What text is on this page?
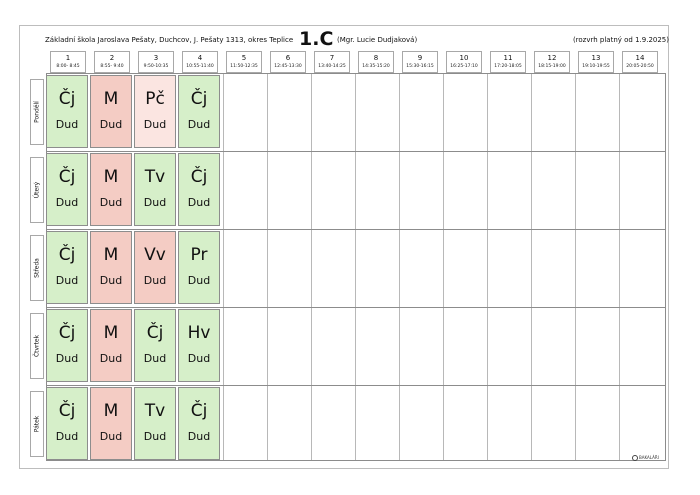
Základní škola Jaroslava Pešaty, Duchcov, J. Pešaty 1313, okres Teplice 1.C (Mgr. Lucie Dudjaková)	(rozvrh platný od 1.9.2025)
1
8:00- 8:45
2
8:55- 9:40
3
9:50-10:35
4
10:55-11:40
5
11:50-12:35
6
12:45-13:30
7
13:40-14:25
8
14:35-15:20
9
15:30-16:15
10
16:25-17:10
11
17:20-18:05
12
18:15-19:00
13
19:10-19:55
14
20:05-20:50
Pondělí
Úterý
Středa
Čtvrtek
Pátek
Čj
Dud
M
Dud
Pč
Dud
Čj
Dud
Čj
Dud
M
Dud
Tv
Dud
Čj
Dud
Čj
Dud
M
Dud
Vv
Dud
Pr
Dud
Čj
Dud
M
Dud
Čj
Dud
Hv
Dud
Čj
Dud
M
Dud
Tv
Dud
Čj
Dud
BAKALÁŘI
